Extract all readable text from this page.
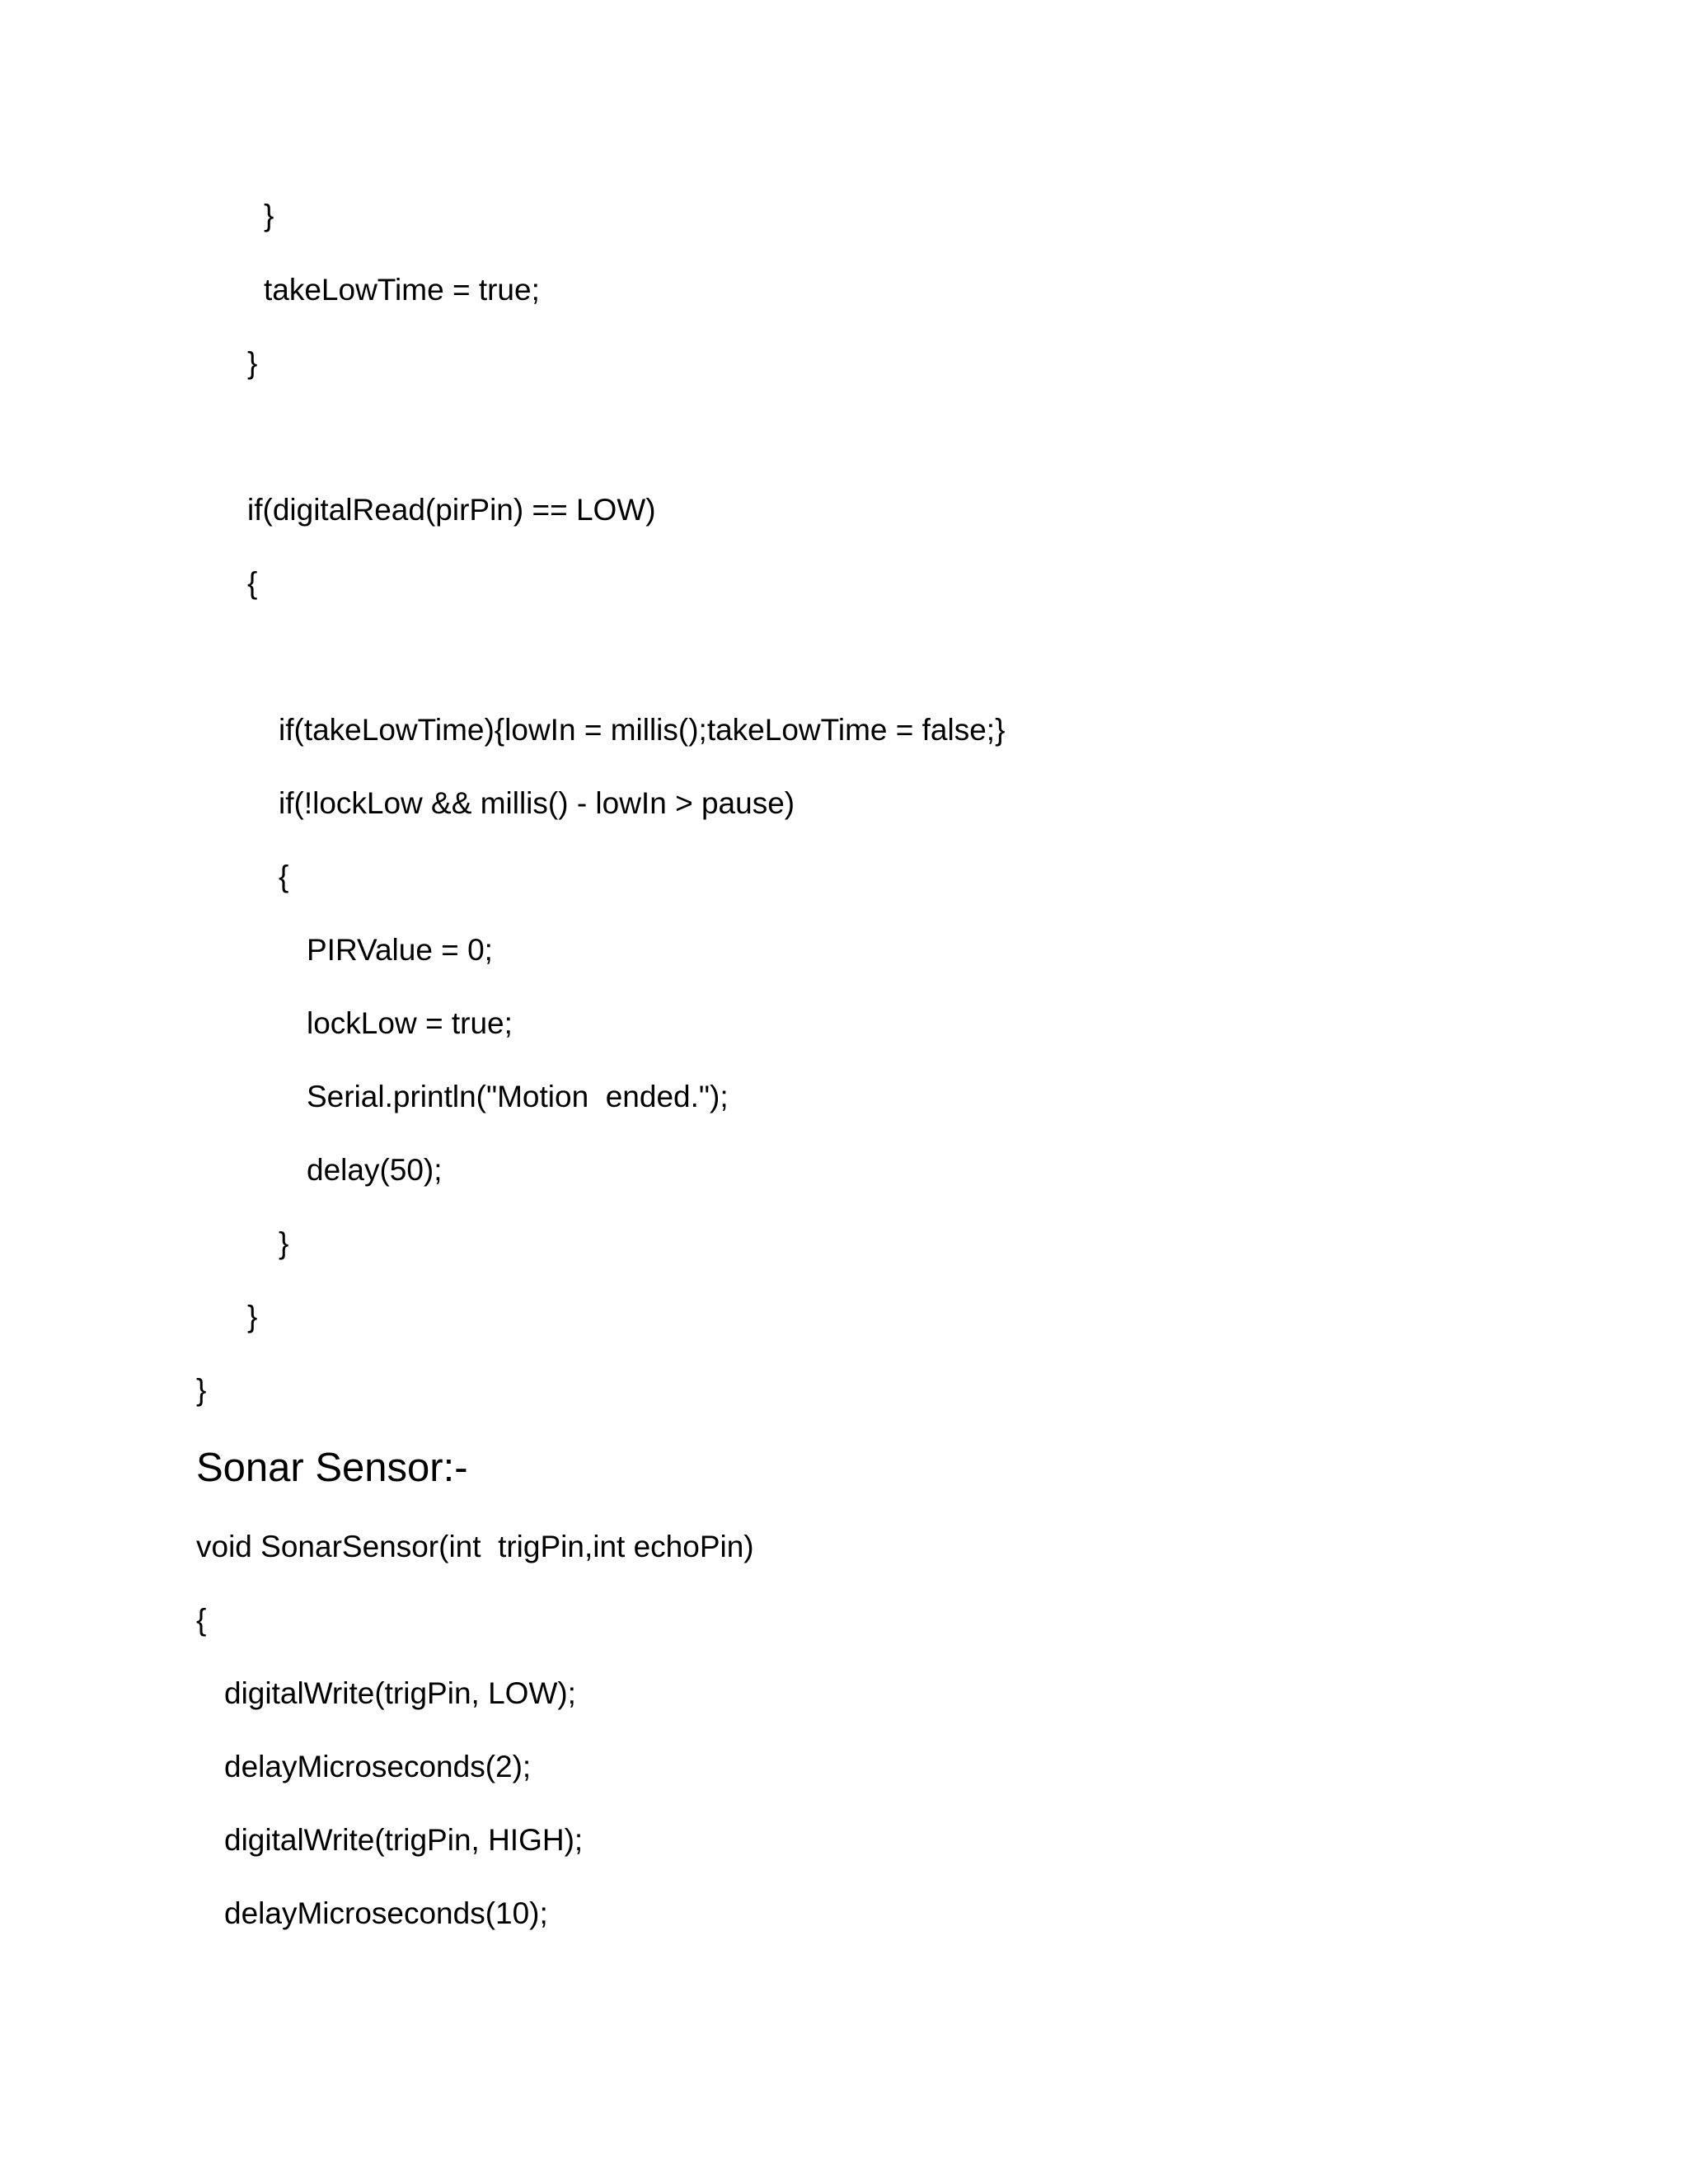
}

takeLowTime = true;

}

if(digitalRead(pirPin) == LOW)

{

if(takeLowTime){lowIn = millis();takeLowTime = false;}

if(!lockLow && millis() - lowIn > pause)

{

PIRValue = 0;

lockLow = true;

Serial.println("Motion  ended.");

delay(50);

}

}

}

Sonar Sensor:-

void SonarSensor(int  trigPin,int echoPin)

{

digitalWrite(trigPin, LOW);

delayMicroseconds(2);

digitalWrite(trigPin, HIGH);

delayMicroseconds(10);
